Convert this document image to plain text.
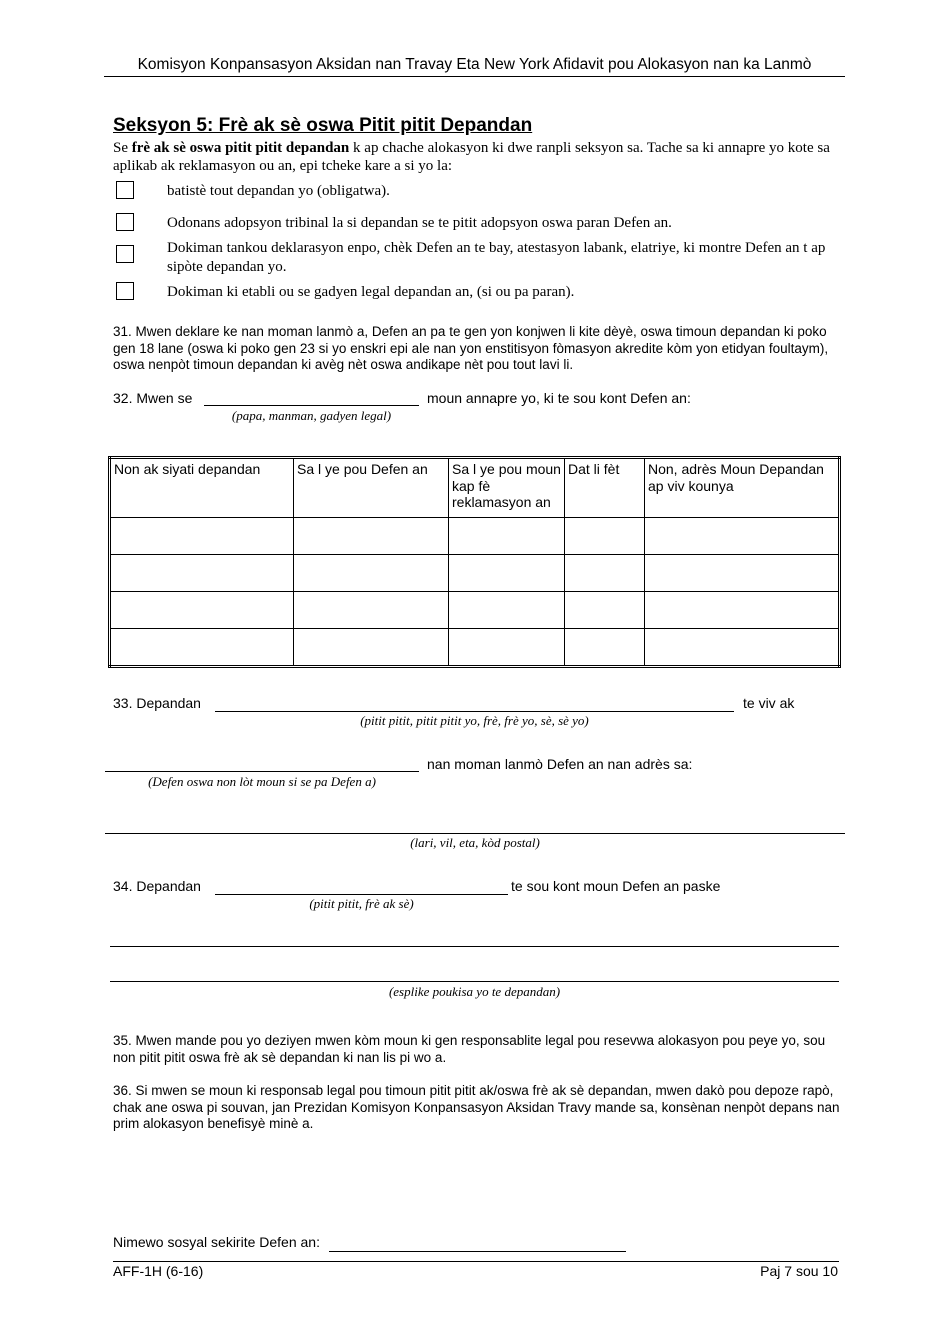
Komisyon Konpansasyon Aksidan nan Travay Eta New York Afidavit pou Alokasyon nan ka Lanmò
Seksyon 5: Frè ak sè oswa Pitit pitit Depandan
Se frè ak sè oswa pitit pitit depandan k ap chache alokasyon ki dwe ranpli seksyon sa. Tache sa ki annapre yo kote sa aplikab ak reklamasyon ou an, epi tcheke kare a si yo la:
batistè tout depandan yo (obligatwa).
Odonans adopsyon tribinal la si depandan se te pitit adopsyon oswa paran Defen an.
Dokiman tankou deklarasyon enpo, chèk Defen an te bay, atestasyon labank, elatriye, ki montre Defen an t ap sipòte depandan yo.
Dokiman ki etabli ou se gadyen legal depandan an, (si ou pa paran).
31. Mwen deklare ke nan moman lanmò a, Defen an pa te gen yon konjwen li kite dèyè, oswa timoun depandan ki poko gen 18 lane (oswa ki poko gen 23 si yo enskri epi ale nan yon enstitisyon fòmasyon akredite kòm yon etidyan foultaym), oswa nenpòt timoun depandan ki avèg nèt oswa andikape nèt pou tout lavi li.
32. Mwen se	moun annapre yo, ki te sou kont Defen an:
(papa, manman, gadyen legal)
Non ak siyati depandan	Sa l ye pou Defen an	Sa l ye pou moun kap fè reklamasyon an	Dat li fèt	Non, adrès Moun Depandan ap viv kounya

33. Depandan	te viv ak
(pitit pitit, pitit pitit yo, frè, frè yo, sè, sè yo)
nan moman lanmò Defen an nan adrès sa:
(Defen oswa non lòt moun si se pa Defen a)
(lari, vil, eta, kòd postal)
34. Depandan	te sou kont moun Defen an paske
(pitit pitit, frè ak sè)
(esplike poukisa yo te depandan)
35. Mwen mande pou yo deziyen mwen kòm moun ki gen responsablite legal pou resevwa alokasyon pou peye yo, sou non pitit pitit oswa frè ak sè depandan ki nan lis pi wo a.
36. Si mwen se moun ki responsab legal pou timoun pitit pitit ak/oswa frè ak sè depandan, mwen dakò pou depoze rapò, chak ane oswa pi souvan, jan Prezidan Komisyon Konpansasyon Aksidan Travy mande sa, konsènan nenpòt depans nan prim alokasyon benefisyè minè a.
Nimewo sosyal sekirite Defen an:
AFF-1H (6-16)	Paj 7 sou 10
